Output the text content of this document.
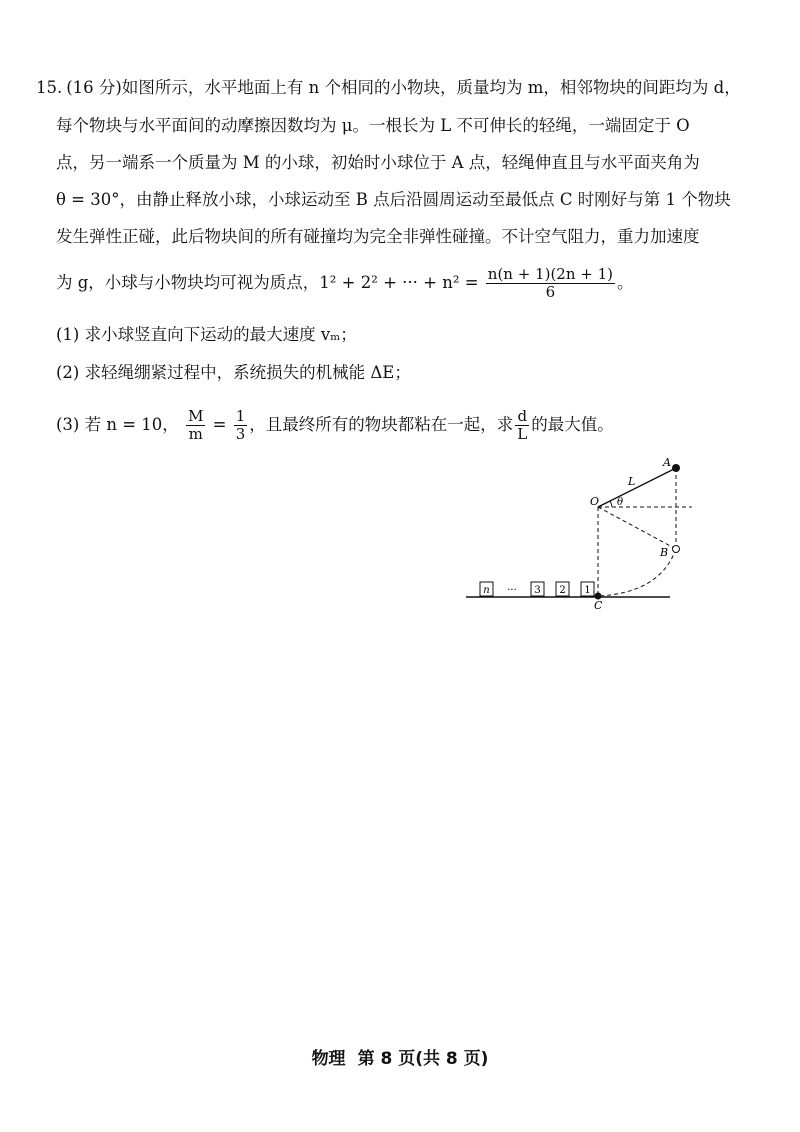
15. (16 分)如图所示，水平地面上有 n 个相同的小物块，质量均为 m，相邻物块的间距均为 d，
每个物块与水平面间的动摩擦因数均为 μ。一根长为 L 不可伸长的轻绳，一端固定于 O
点，另一端系一个质量为 M 的小球，初始时小球位于 A 点，轻绳伸直且与水平面夹角为
θ = 30°，由静止释放小球，小球运动至 B 点后沿圆周运动至最低点 C 时刚好与第 1 个物块
发生弹性正碰，此后物块间的所有碰撞均为完全非弹性碰撞。不计空气阻力，重力加速度
为 g，小球与小物块均可视为质点，1² + 2² + ··· + $n^2 = \frac{n(n + 1)(2n + 1)}{6}$ 。
(1) 求小球竖直向下运动的最大速度 vₘ；
(2) 求轻绳绷紧过程中，系统损失的机械能 ΔE；
(3) 若 n = 10， $\frac{M}{m} = \frac{1}{3}$ ，且最终所有的物块都粘在一起，求 $\frac{d}{L}$ 的最大值。
n ··· 3 2 1
A
L
O θ
B
C
物理 第 8 页(共 8 页)
